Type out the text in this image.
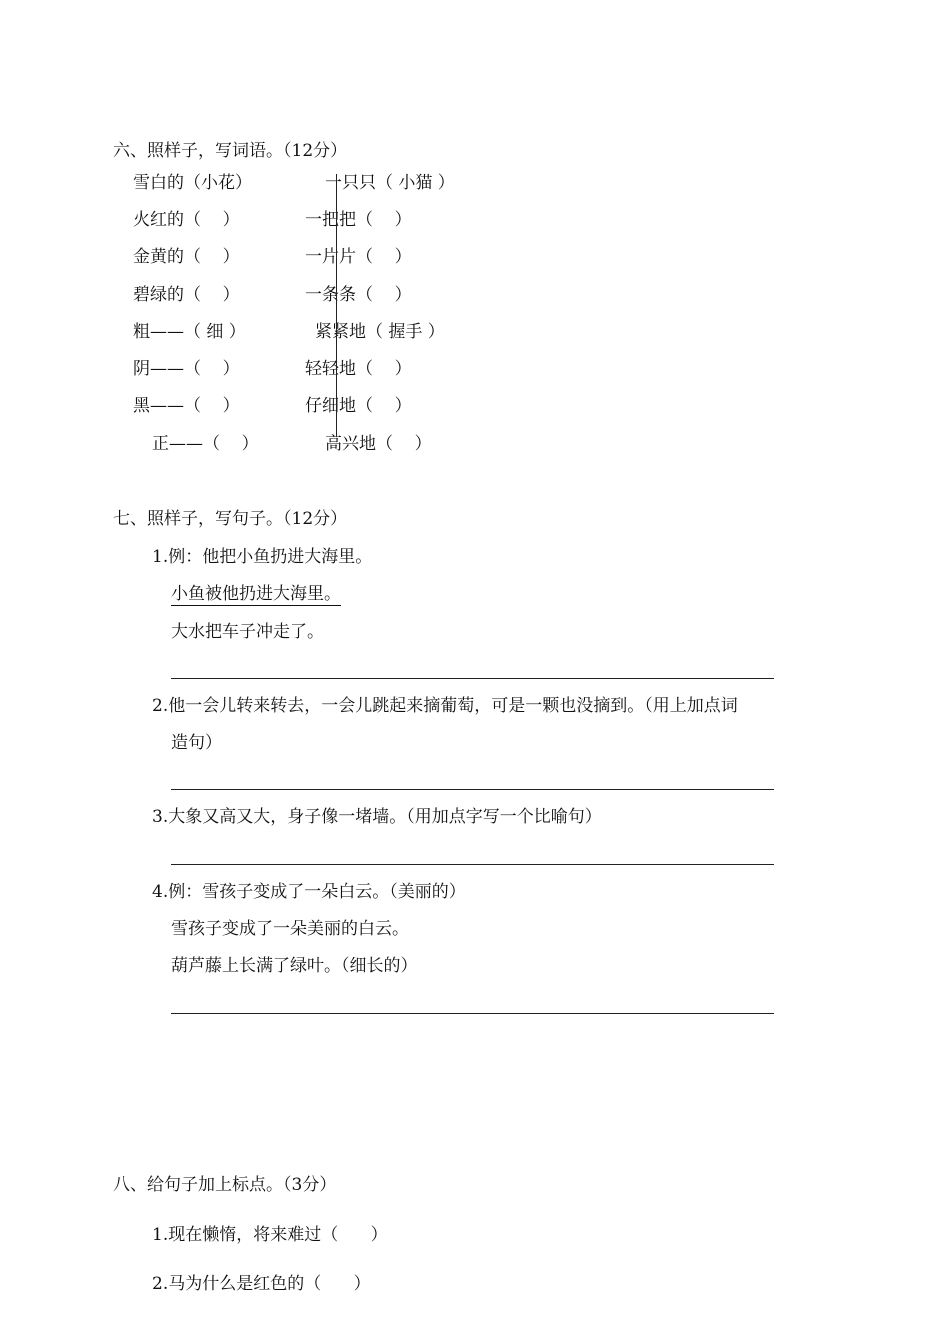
六、照样子，写词语。（12分）
雪白的（小花）
火红的（    ）
金黄的（    ）
碧绿的（    ）
粗——（ 细 ）
阴——（    ）
黑——（    ）
正——（    ）
一只只（ 小猫 ）
一把把（    ）
一片片（    ）
一条条（    ）
紧紧地（ 握手 ）
轻轻地（    ）
仔细地（    ）
高兴地（    ）
七、照样子，写句子。（12分）
1.例：他把小鱼扔进大海里。
小鱼被他扔进大海里。
大水把车子冲走了。
2.他一会儿转来转去，一会儿跳起来摘葡萄，可是一颗也没摘到。（用上加点词
造句）
3.大象又高又大，身子像一堵墙。（用加点字写一个比喻句）
4.例：雪孩子变成了一朵白云。（美丽的）
雪孩子变成了一朵美丽的白云。
葫芦藤上长满了绿叶。（细长的）
八、给句子加上标点。（3分）
1.现在懒惰，将来难过（      ）
2.马为什么是红色的（      ）
